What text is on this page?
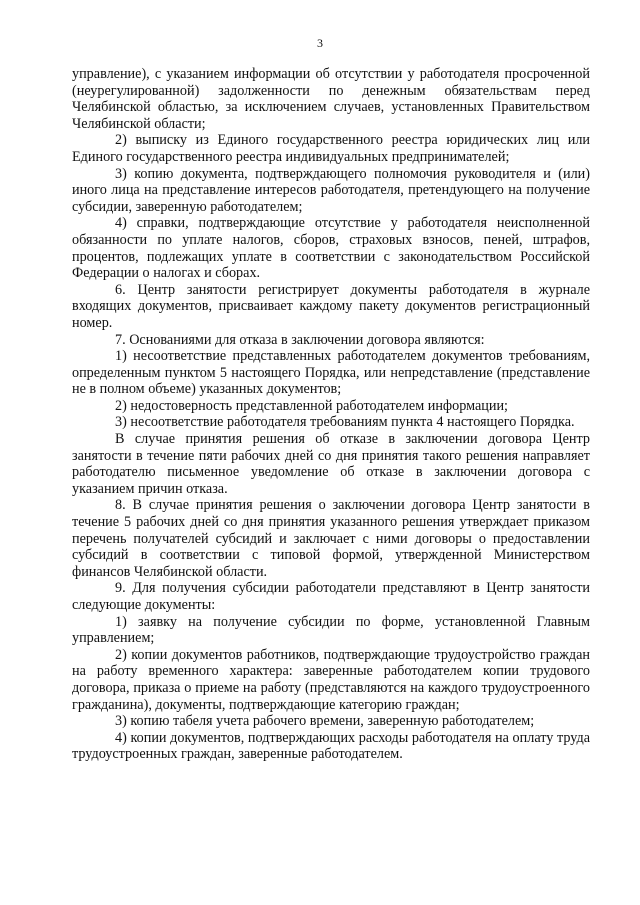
3

управление), с указанием информации об отсутствии у работодателя просроченной (неурегулированной) задолженности по денежным обязательствам перед Челябинской областью, за исключением случаев, установленных Правительством Челябинской области;

2) выписку из Единого государственного реестра юридических лиц или Единого государственного реестра индивидуальных предпринимателей;

3) копию документа, подтверждающего полномочия руководителя и (или) иного лица на представление интересов работодателя, претендующего на получение субсидии, заверенную работодателем;

4) справки, подтверждающие отсутствие у работодателя неисполненной обязанности по уплате налогов, сборов, страховых взносов, пеней, штрафов, процентов, подлежащих уплате в соответствии с законодательством Российской Федерации о налогах и сборах.

6. Центр занятости регистрирует документы работодателя в журнале входящих документов, присваивает каждому пакету документов регистрационный номер.

7. Основаниями для отказа в заключении договора являются:

1) несоответствие представленных работодателем документов требованиям, определенным пунктом 5 настоящего Порядка, или непредставление (представление не в полном объеме) указанных документов;

2) недостоверность представленной работодателем информации;

3) несоответствие работодателя требованиям пункта 4 настоящего Порядка.

В случае принятия решения об отказе в заключении договора Центр занятости в течение пяти рабочих дней со дня принятия такого решения направляет работодателю письменное уведомление об отказе в заключении договора с указанием причин отказа.

8. В случае принятия решения о заключении договора Центр занятости в течение 5 рабочих дней со дня принятия указанного решения утверждает приказом перечень получателей субсидий и заключает с ними договоры о предоставлении субсидий в соответствии с типовой формой, утвержденной Министерством финансов Челябинской области.

9. Для получения субсидии работодатели представляют в Центр занятости следующие документы:

1) заявку на получение субсидии по форме, установленной Главным управлением;

2) копии документов работников, подтверждающие трудоустройство граждан на работу временного характера: заверенные работодателем копии трудового договора, приказа о приеме на работу (представляются на каждого трудоустроенного гражданина), документы, подтверждающие категорию граждан;

3) копию табеля учета рабочего времени, заверенную работодателем;

4) копии документов, подтверждающих расходы работодателя на оплату труда трудоустроенных граждан, заверенные работодателем.
